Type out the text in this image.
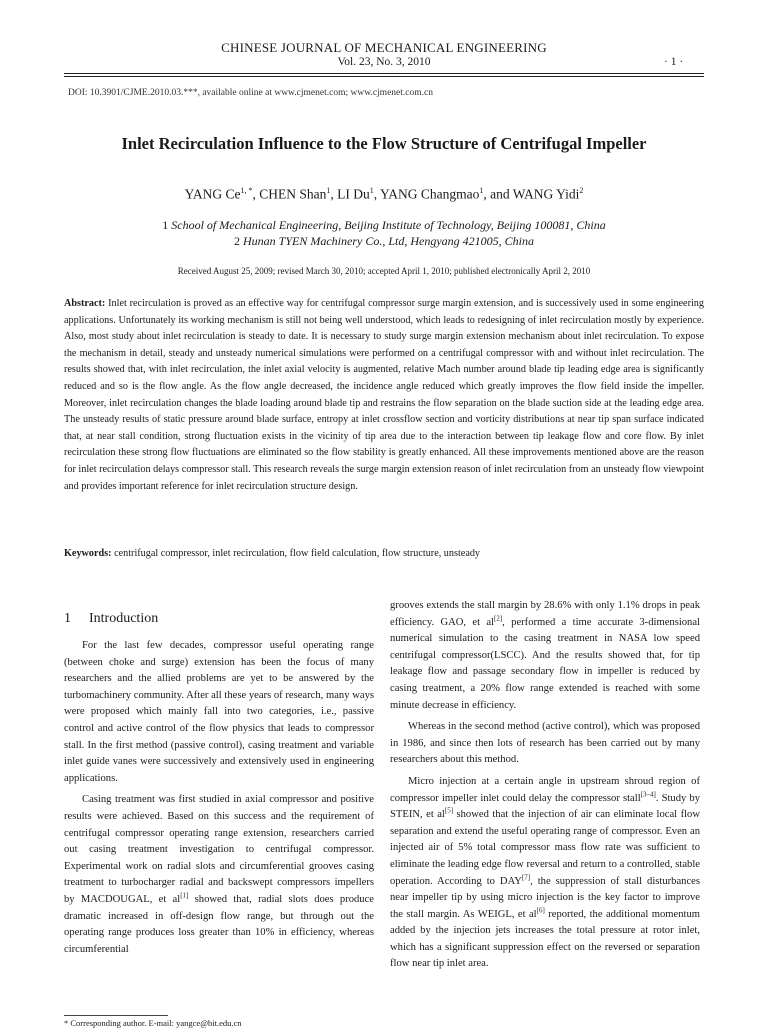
CHINESE JOURNAL OF MECHANICAL ENGINEERING
Vol. 23, No. 3, 2010	· 1 ·
DOI: 10.3901/CJME.2010.03.***, available online at www.cjmenet.com; www.cjmenet.com.cn
Inlet Recirculation Influence to the Flow Structure of Centrifugal Impeller
YANG $Ce^{1, *}$, CHEN Shan$^1$, LI Du$^1$, YANG Changmao$^1$, and WANG Yidi$^2$
1 School of Mechanical Engineering, Beijing Institute of Technology, Beijing 100081, China
2 Hunan TYEN Machinery Co., Ltd, Hengyang 421005, China
Received August 25, 2009; revised March 30, 2010; accepted April 1, 2010; published electronically April 2, 2010

Abstract: Inlet recirculation is proved as an effective way for centrifugal compressor surge margin extension, and is successively used in some engineering applications. Unfortunately its working mechanism is still not being well understood, which leads to redesigning of inlet recirculation mostly by experience. Also, most study about inlet recirculation is steady to date. It is necessary to study surge margin extension mechanism about inlet recirculation. To expose the mechanism in detail, steady and unsteady numerical simulations were performed on a centrifugal compressor with and without inlet recirculation. The results showed that, with inlet recirculation, the inlet axial velocity is augmented, relative Mach number around blade tip leading edge area is significantly reduced and so is the flow angle. As the flow angle decreased, the incidence angle reduced which greatly improves the flow field inside the impeller. Moreover, inlet recirculation changes the blade loading around blade tip and restrains the flow separation on the blade suction side at the leading edge area. The unsteady results of static pressure around blade surface, entropy at inlet crossflow section and vorticity distributions at near tip span surface indicated that, at near stall condition, strong fluctuation exists in the vicinity of tip area due to the interaction between tip leakage flow and core flow. By inlet recirculation these strong flow fluctuations are eliminated so the flow stability is greatly enhanced. All these improvements mentioned above are the reason for inlet recirculation delays compressor stall. This research reveals the surge margin extension reason of inlet recirculation from an unsteady flow viewpoint and provides important reference for inlet recirculation structure design.

Keywords: centrifugal compressor, inlet recirculation, flow field calculation, flow structure, unsteady
1 Introduction

For the last few decades, compressor useful operating range (between choke and surge) extension has been the focus of many researchers and the allied problems are yet to be answered by the turbomachinery community. After all these years of research, many ways were proposed which mainly fall into two categories, i.e., passive control and active control of the flow physics that leads to compressor stall. In the first method (passive control), casing treatment and variable inlet guide vanes were successively and extensively used in engineering applications.

Casing treatment was first studied in axial compressor and positive results were achieved. Based on this success and the requirement of centrifugal compressor operating range extension, researchers carried out casing treatment investigation to centrifugal compressor. Experimental work on radial slots and circumferential grooves casing treatment to turbocharger radial and backswept compressors impellers by MACDOUGAL, et al[1] showed that, radial slots does produce dramatic increased in off-design flow range, but through out the operating range produces loss greater than 10% in efficiency, whereas circumferential

grooves extends the stall margin by 28.6% with only 1.1% drops in peak efficiency. GAO, et al[2], performed a time accurate 3-dimensional numerical simulation to the casing treatment in NASA low speed centrifugal compressor(LSCC). And the results showed that, for tip leakage flow and passage secondary flow in impeller is reduced by casing treatment, a 20% flow range extended is reached with some minute decrease in efficiency.

Whereas in the second method (active control), which was proposed in 1986, and since then lots of research has been carried out by many researchers about this method.

Micro injection at a certain angle in upstream shroud region of compressor impeller inlet could delay the compressor stall[3–4]. Study by STEIN, et al[5] showed that the injection of air can eliminate local flow separation and extend the useful operating range of compressor. Even an injected air of 5% total compressor mass flow rate was sufficient to eliminate the leading edge flow reversal and return to a controlled, stable operation. According to DAY[7], the suppression of stall disturbances near impeller tip by using micro injection is the key factor to improve the stall margin. As WEIGL, et al[6] reported, the additional momentum added by the injection jets increases the total pressure at rotor inlet, which has a significant suppression effect on the reversed or separation flow near tip inlet area.

* Corresponding author. E-mail: yangce@bit.edu.cn
